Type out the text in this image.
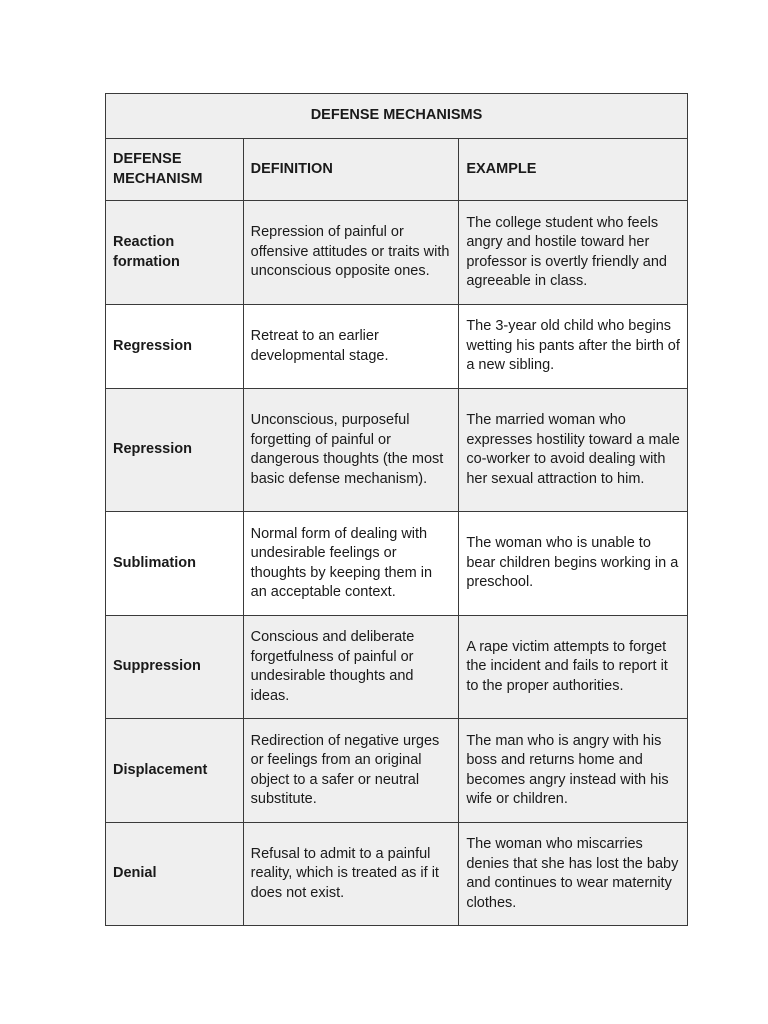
DEFENSE MECHANISMS		
DEFENSE
MECHANISM	DEFINITION	EXAMPLE
Reaction formation	Repression of painful or offensive attitudes or traits with unconscious opposite ones.	The college student who feels angry and hostile toward her professor is overtly friendly and agreeable in class.
Regression	Retreat to an earlier developmental stage.	The 3-year old child who begins wetting his pants after the birth of a new sibling.
Repression	Unconscious, purposeful forgetting of painful or dangerous thoughts (the most basic defense mechanism).	The married woman who expresses hostility toward a male co-worker to avoid dealing with her sexual attraction to him.
Sublimation	Normal form of dealing with undesirable feelings or thoughts by keeping them in an acceptable context.	The woman who is unable to bear children begins working in a preschool.
Suppression	Conscious and deliberate forgetfulness of painful or undesirable thoughts and ideas.	A rape victim attempts to forget the incident and fails to report it to the proper authorities.
Displacement	Redirection of negative urges or feelings from an original object to a safer or neutral substitute.	The man who is angry with his boss and returns home and becomes angry instead with his wife or children.
Denial	Refusal to admit to a painful reality, which is treated as if it does not exist.	The woman who miscarries denies that she has lost the baby and continues to wear maternity clothes.
